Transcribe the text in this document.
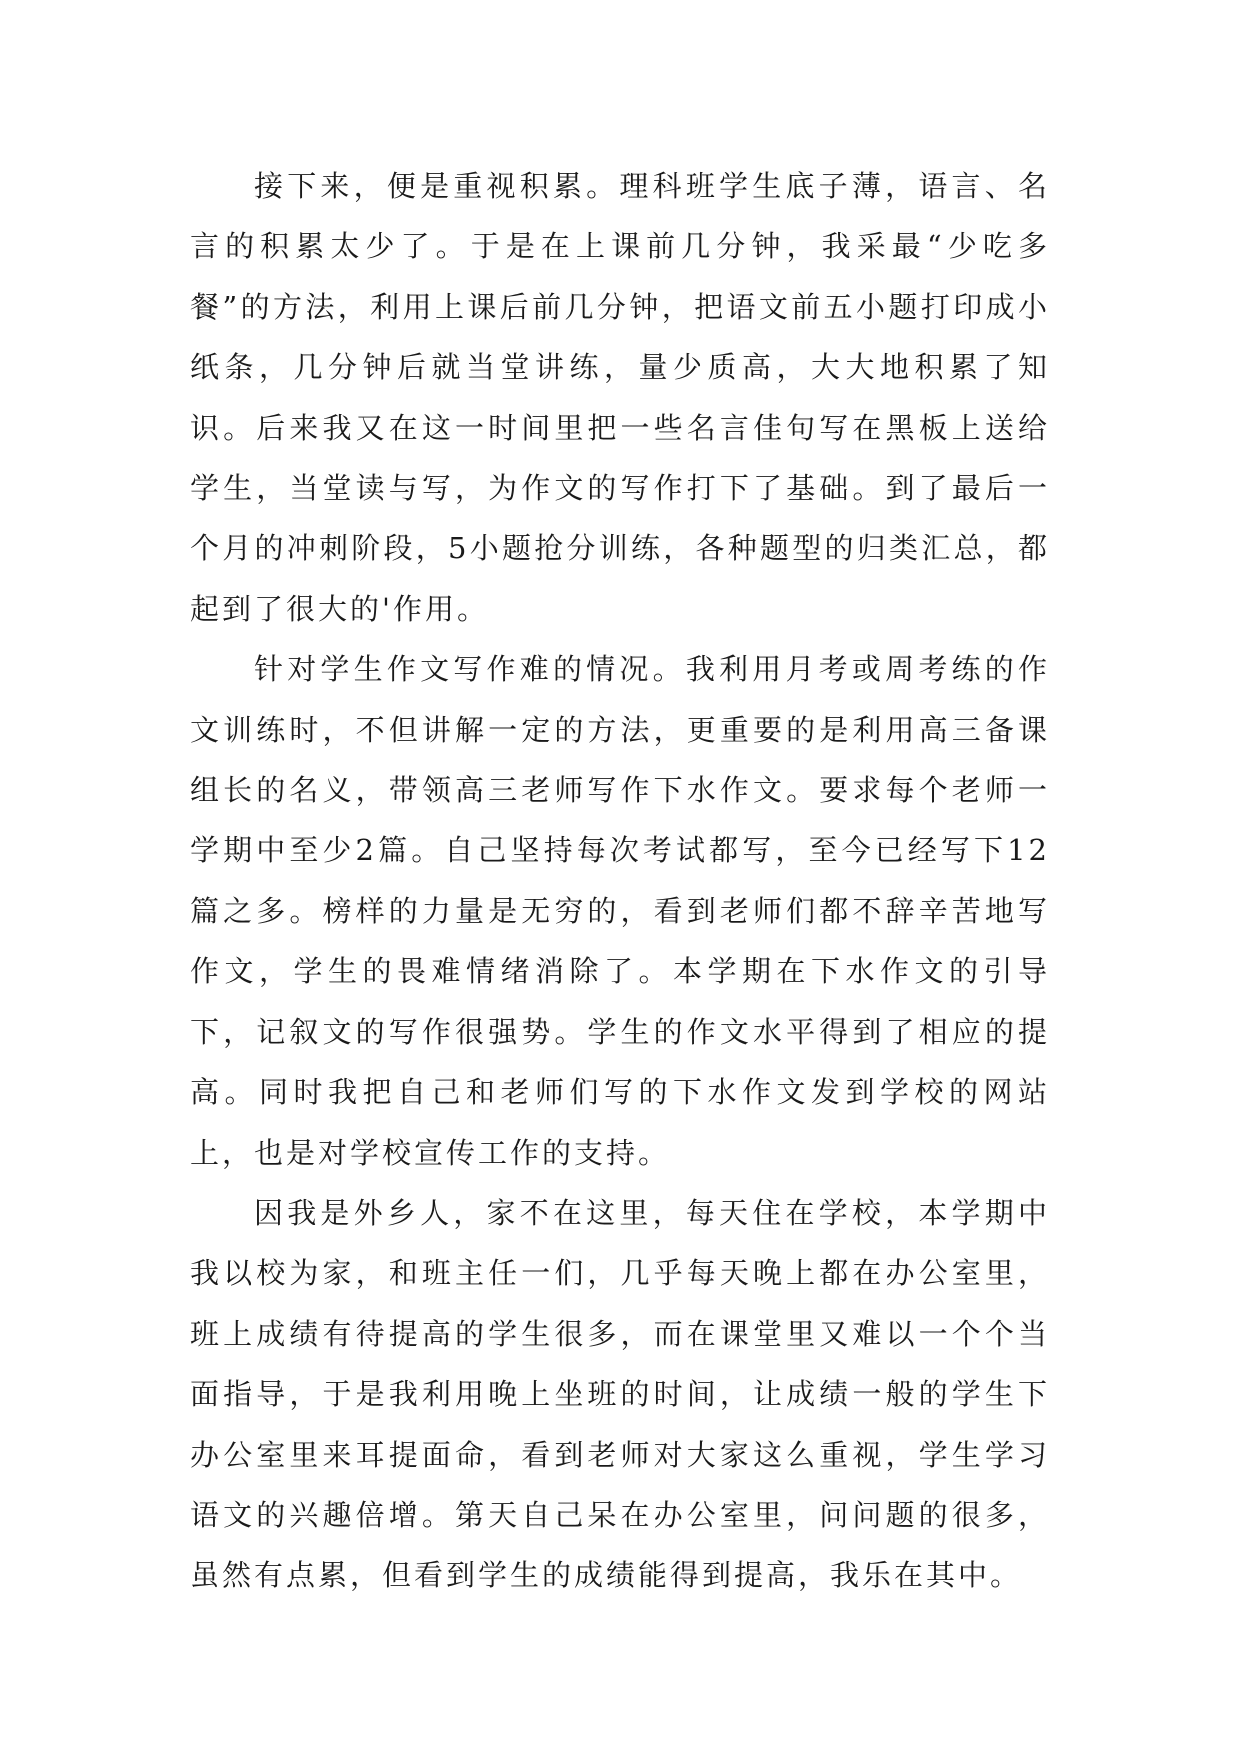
接下来，便是重视积累。理科班学生底子薄，语言、名言的积累太少了。于是在上课前几分钟，我采最“少吃多餐”的方法，利用上课后前几分钟，把语文前五小题打印成小纸条，几分钟后就当堂讲练，量少质高，大大地积累了知识。后来我又在这一时间里把一些名言佳句写在黑板上送给学生，当堂读与写，为作文的写作打下了基础。到了最后一个月的冲刺阶段，5小题抢分训练，各种题型的归类汇总，都起到了很大的'作用。

针对学生作文写作难的情况。我利用月考或周考练的作文训练时，不但讲解一定的方法，更重要的是利用高三备课组长的名义，带领高三老师写作下水作文。要求每个老师一学期中至少2篇。自己坚持每次考试都写，至今已经写下12篇之多。榜样的力量是无穷的，看到老师们都不辞辛苦地写作文，学生的畏难情绪消除了。本学期在下水作文的引导下，记叙文的写作很强势。学生的作文水平得到了相应的提高。同时我把自己和老师们写的下水作文发到学校的网站上，也是对学校宣传工作的支持。

因我是外乡人，家不在这里，每天住在学校，本学期中我以校为家，和班主任一们，几乎每天晚上都在办公室里，班上成绩有待提高的学生很多，而在课堂里又难以一个个当面指导，于是我利用晚上坐班的时间，让成绩一般的学生下办公室里来耳提面命，看到老师对大家这么重视，学生学习语文的兴趣倍增。第天自己呆在办公室里，问问题的很多，虽然有点累，但看到学生的成绩能得到提高，我乐在其中。
